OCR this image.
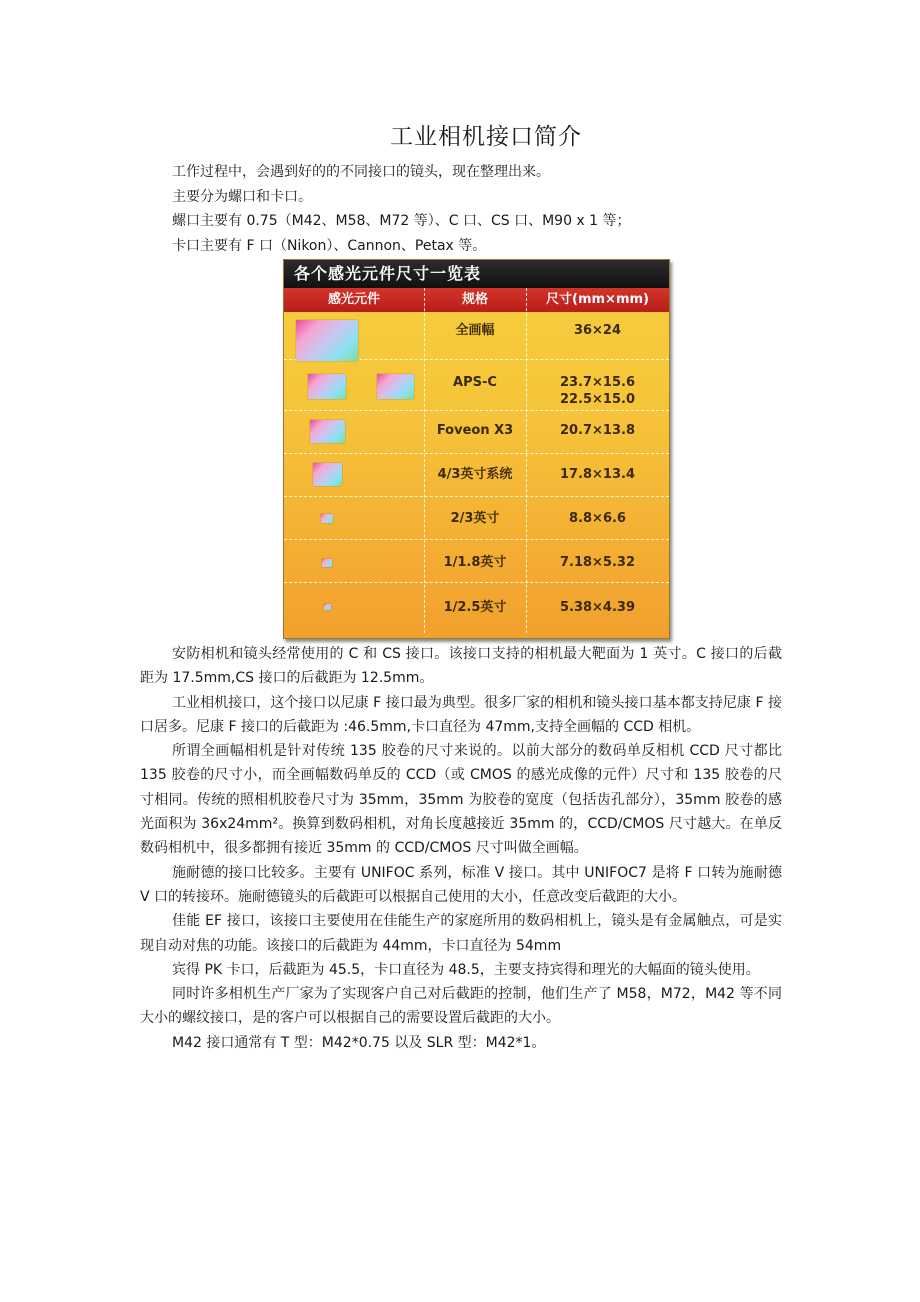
工业相机接口简介
工作过程中，会遇到好的的不同接口的镜头，现在整理出来。
主要分为螺口和卡口。
螺口主要有 0.75（M42、M58、M72 等）、C 口、CS 口、M90 x 1 等；
卡口主要有 F 口（Nikon）、Cannon、Petax 等。
各个感光元件尺寸一览表
感光元件	规格	尺寸(mm×mm)
全画幅	36×24
APS-C	23.7×15.6
22.5×15.0
Foveon X3	20.7×13.8
4/3英寸系统	17.8×13.4
2/3英寸	8.8×6.6
1/1.8英寸	7.18×5.32
1/2.5英寸	5.38×4.39

安防相机和镜头经常使用的 C 和 CS 接口。该接口支持的相机最大靶面为 1 英寸。C 接口的后截距为 17.5mm,CS 接口的后截距为 12.5mm。

工业相机接口，这个接口以尼康 F 接口最为典型。很多厂家的相机和镜头接口基本都支持尼康 F 接口居多。尼康 F 接口的后截距为 :46.5mm,卡口直径为 47mm,支持全画幅的 CCD 相机。

所谓全画幅相机是针对传统 135 胶卷的尺寸来说的。以前大部分的数码单反相机 CCD 尺寸都比 135 胶卷的尺寸小，而全画幅数码单反的 CCD（或 CMOS 的感光成像的元件）尺寸和 135 胶卷的尺寸相同。传统的照相机胶卷尺寸为 35mm，35mm 为胶卷的宽度（包括齿孔部分），35mm 胶卷的感光面积为 36x24mm²。换算到数码相机，对角长度越接近 35mm 的，CCD/CMOS 尺寸越大。在单反数码相机中，很多都拥有接近 35mm 的 CCD/CMOS 尺寸叫做全画幅。

施耐德的接口比较多。主要有 UNIFOC 系列，标准 V 接口。其中 UNIFOC7 是将 F 口转为施耐德 V 口的转接环。施耐德镜头的后截距可以根据自己使用的大小，任意改变后截距的大小。

佳能 EF 接口，该接口主要使用在佳能生产的家庭所用的数码相机上，镜头是有金属触点，可是实现自动对焦的功能。该接口的后截距为 44mm，卡口直径为 54mm

宾得 PK 卡口，后截距为 45.5，卡口直径为 48.5，主要支持宾得和理光的大幅面的镜头使用。

同时许多相机生产厂家为了实现客户自己对后截距的控制，他们生产了 M58，M72，M42 等不同大小的螺纹接口，是的客户可以根据自己的需要设置后截距的大小。

M42 接口通常有 T 型：M42*0.75 以及 SLR 型：M42*1。
